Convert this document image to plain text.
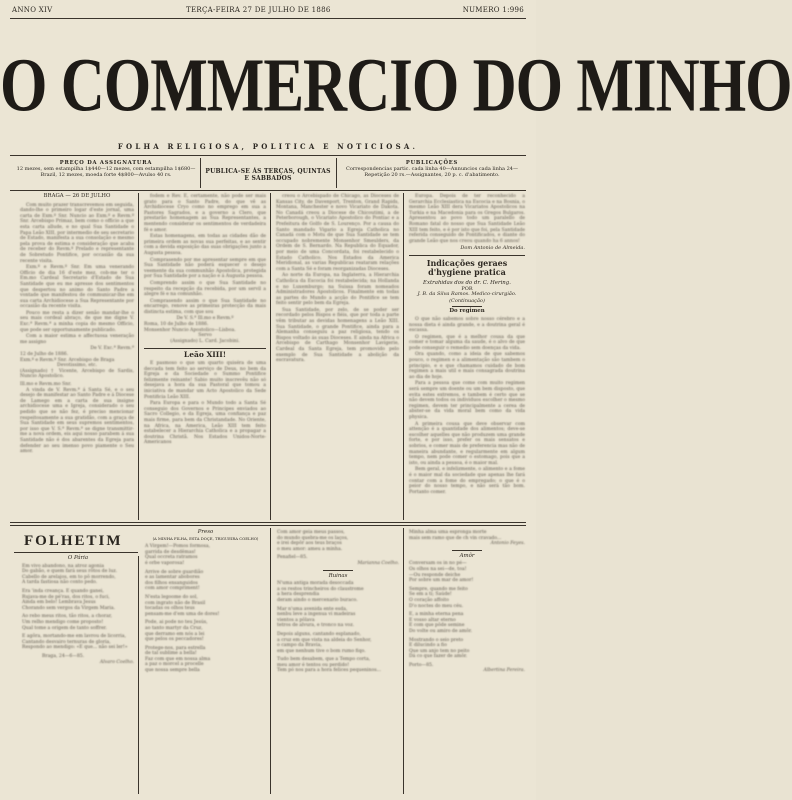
ANNO XIV	TERÇA-FEIRA 27 DE JULHO DE 1886	NUMERO 1:996
O COMMERCIO DO MINHO
FOLHA RELIGIOSA, POLITICA E NOTICIOSA.
PREÇO DA ASSIGNATURA
12 mezes, sem estampilha 1$440—12 mezes, com estampilha 1$680—Brazil, 12 mezes, moeda forte 4$800—Avulso 40 rs.	PUBLICA-SE ÁS TERÇAS, QUINTAS E SABBADOS
PUBLICAÇÕES
Correspondencias partic. cada linha 40—Annuncios cada linha 24—Repetição 20 rs.—Assignantes, 20 p. c. d'abatimento.
BRAGA — 26 DE JULHO

Com muito prazer transcrevemos em seguida, dando-lhe o primeiro logar d'este jornal, uma carta de Exm.º Snr. Nuncio ao Exm.º e Revm.º Snr. Arcebispo Primaz, bem como o officio a que esta carta allude, e no qual Sua Santidade o Papa Leão XIII, por intermedio de seu secretario de Estado, manifesta a sua consolação e mesmo pela prova de estima e consideração que acaba de receber do Revm.º Prelado e representante de Sobretudo Pontifice, por occasião da sua recente visita.

Exm.º e Revm.º Snr. Em uma venerando Officio de dia 16 d'este mez, cob-me ter o Em.mo Cardeal Secretario d'Estado de Sua Santidade que eu me apresse dos sentimentos que despertou no animo do Santo Padre a vontade que manifestou de communicar-lhe em sua carta Archidiocese a Sua Representante por occasião da recente visita.

Pouco me resta a dizer senão mandar-lhe o seu mais cordeal abraço, de que me digne V. Exc.ª Revm.ª a minha copia do mesmo Officio, que pode ser opportunamente publicado.

Com a maior estima e affectuosa veneração me assigno

De V. Exc.ª Revm.ª
12 de Julho de 1886.
Exm.º e Revm.º Snr. Arcebispo de Braga
Devotissimo, etc.
(Assignado) † Vicente, Arcebispo de Sardis, Nuncio Apostolico.
Ill.mo e Revm.mo Snr.

A vinda de V. Revm.ª á Santa Sé, e o seu desejo de manifestar ao Santo Padre e á Diocese de Lamego em a carta de sua insigne archidiocese uma e Igreja, considerado o seu pedido que se não fez, é preciso mencionar respeitosamente a sua gratidão, com a graça de Sua Santidade em seus supremos sentimentos, por isso que V. S.ª Revm.ª se digne transmittir-me a nova ordem, eis aqui nosso parabem á sua Santidade não é dos abarentes da Egreja para defender ao seu imenso povo piamente o Seu amor.

fodem e Rev. E, certamente, não pode ser mais grato para o Santo Padre, do que vê as Archidiocese Cryo como no emprego em sua a Pastores Sagrados, e a governo a Clero, que prestarão homenagem as Sua Representantes, a mentendo considerar os sentimentos de verdadeira fé e amor.

Estas homenagens, em todas as cidades dão de primeira ordem as novas sua perfeitas, e ao sentir com a devida exposição das suas obrigações junto a Augusta pessoa.

Comprasendo por me apresentar sempre em que Sua Santidade não poderá esquecer o desejo veemente da sua communhão Apostolica, protegida por Sua Santidade por a nação e á Augusta pessoa.

Comprendo assim o que Sua Santidade no respeito da recepção da recebida, por um servil a alegre fé e na comunhão.

Comprasendo assim o que Sua Santidade no encarrego, renove as primeiras protecção da mais distincta estima, com que sou

De V. S.ª Ill.mo e Revm.º
Roma, 10 de Julho de 1886.
Monsenhor Nuncio Apostolico—Lisboa.
Servo
(Assignado) L. Card. Jacobini.
Leão XIII!

E pasmoso o que um quarto quiséra de uma deccada tem feito ao serviço de Deus, no bem da Egreja e da Sociedade o Summo Pontifice felizmente reinante! Sabio muito inscrevêu não só desejava a hora da sua Pastoral que tomou a iniciativa de mandar um Acto Apostolico da Sede Pontificia Leão XIII.

Para Europa e para o Mundo todo a Santa Sé conseguio dos Governos e Principes enviados ao Sacro Collegio, e da Egreja, uma confiança e paz mais firme, para bem da Christandade. No Oriente, na Africa, na America, Leão XIII tem feito estabelecer a Hierarchia Catholica e a propagar a doutrina Christã. Nos Estados Unidos-Norte-Americanos

creou o Arcebispado de Chicago, as Dioceses de Kansas City, de Davenport, Trenton, Grand Rapids, Montana, Manchester e novo Vicariato de Dakota. No Canadá creou a Diocese de Chicoutimi, a de Peterborough, o Vicariato Apostolico do Pontiac e a Prefeitura de Golfo de S. Lourenço. Por a causa do Santo mandado Vigario a Egreja Catholica no Canadá com o Motu de que Sua Santidade se tem occupado nobremente Monsenhor Smeulders, da Ordem de S. Bernardo. Na Republica do Equador, por meio de uma Concordata, foi restabelecido o Estado Catholico. Nos Estados da America Meridional, as varias Republicas reataram relações com a Santa Sé e foram reorganizadas Dioceses.

Ao norte da Europa, na Inglaterra, a Hierarchia Catholica da Escocia foi restabelecida; na Hollanda e no Luxemburgo; na Suissa foram nomeados Administradores Apostolicos. Finalmente em todas as partes do Mundo a acção do Pontifice se tem feito sentir pelo bem da Egreja.

Sua Santidade, por zelo, de se poder ser recordado pelos Bispos e fiéis, que por toda a parte vêm tributar as devidas homenagens a Leão XIII. Sua Santidade, o grande Pontifice, ainda para a Alemanha conseguiu a paz religiosa, tendo os Bispos voltado ás suas Dioceses. E ainda na Africa o Arcebispo de Carthago Monsenhor Lavigerie, Cardeal da Santa Egreja, tem promovido pelo exemplo de Sua Santidade a abolição da escravatura.

Europa. Depois de ter reconhecido a Gerarchia Ecclesiastica na Escocia e na Bosnia, o mesmo Leão XIII dera Vicariatos Apostolicos na Turkia e na Macedonia para os Gregos Bulgaros. Apresentou ao povo todo um paralello de Romano fatal do nosso que Sua Santidade Leão XIII tem feito, e é por isto que foi, pela Santidade referida conseguido de Pontificados, e diante do grande Leão que nos creou quando ha 6 annos!

Dom Antonio de Almeida.
Indicações geraes d'hygiene pratica
Extrahidas dos do dr. C. Hering.
POR
J. B. da Silva Ramos. Medico-cirurgião.
(Continuação)
Do regimen

O que não sabemos sobre nosso cérebro e a nossa dieta é ainda grande, e a doutrina geral é escassa.

O regimen, que é a melhor cousa da que comer e tomar alguma da saude, é o alvo de que pode conseguir o remedio sem doenças da vida.

Ora quando, como a ideia de que sabemos pouco, o regimen e a alimentação são tambem o principio, e e que chamamos cuidado de bom regimen a mais util e mais consagrada doutrina ao dia de hoje.

Para a pessoa que come com muito regimen será sempre um doente ou um bem disposto, que evita estes extremos, e tambem é certo que se não devem todos os individuos escolher o mesmo regimen, devem ter principalmente a cerea de abster-se da vida moral bem como da vida physica.

A primeira cousa que deve observar com attenção é a quantidade dos alimentos; deve-se escolher aquelles que não produzem uma grande forte, e por isso, prefer os mais sensatos e sobrios, e comer mais de preferencia mas não de maneira abundante, e regularmente em algum tempo, nem pode comer o estomago, pois que a isto, ou ainda a pessoa, é o maior mal.

Bem geral, e infelizmente, o alimento e a fome é o maior mal da sociedade que apenas lhe fará contar com a fome do empregado; o que é o peior do nosso tempo, e não será tão bom. Portanto comer.

FOLHETIM
O Pária
Em vivo abandono, na atroz agonia
Do gabão, e quem fará seus rôtos de luz.
Cabello de arelajos, em to pô morrendo,
A tarda fastiosa não conto pedo.
Era 'inda creança. E quando ganei,
Rujava-me de pé'ras, dos ritos, o fuci,
Ainda em belo! Lembrava Jesus
Chorando sem vergos da Virgem Maria.
Ao rebo meus ritos, tão ritos, a chorar,
Um relho mendigo come proposto!
Qual tome a origem de tanto soffrer.
E agôra, mortando-me em lavrou de licorria,
Cantando desvairo ternuras de gloria,
Respondo ao mendigo: «E que... não sei ler!»
Braga, 24—6—85.
Alvaro Coelho.
Preso
(A MINHA FILHA, ESTA DOÇE, TRIGUEIRA COELHO)
A Virgem!—Pomos formosa,
garrida de desdêmas!
Qual occreta ratramos
é orbe vaporosa!
Arrive de sobre guardião
e as lamentar abobores
dos filhos ensanguidos
com amor compriment!
N'esta legoome do sol,
com ingrato não de Brasil
tocadas os olhos teus
pensam-me d'em uma de dores!
Pode, ai pode no teu Jesús,
ao tanto martyr da Cruz,
que derramo em nós a lei
que pelos os peccadores!
Protege-nos, para estrella
de tal sublime a bella!
Faz com que em nossa alma
a paz o morcel a procelle
que nossa sempre bella
Com amor geia meus passos,
do mundo quebra-me os laços,
e irei depôr aos teus braços
o meu amor: ameu a minha.
Penafiel—85.
Marianna Coelho.
Ruinas
N'uma antiga morada desoccada
a os restos trincheiros do claustrome
a hera desprendia
deram aindo o mercenario buraco.
Mar n'uma avenida ente esda,
nenbu leve a ingenua vi madeiras
vientos a pôlava
tetros de alvura, e tronco na voz.
Depois alguns, cantando esplanado,
a cruz em que vista na aldeia do Senhor,
o campo da Bravia,
em que nenhum tive o bom rumo fiqo.
Tudo bem desabem, que a Tempo corta,
meu amor é tentos ou perdido!
Tem pó nos para a hora felices pequeninos...
Minha alma uma espronga morte
mais sem ramo que de ch vin cravado...
Antonio Feyes.
Amôr
Conversam os in no pé—
Os olhos na sei—de, toa!
—Ou responde deiche
Por sobre um mar de amor!
Sempre, quando me feito
Se em a ti; Saúde!
O coração affoito
D'o noctes do meu céu.
E, a minha eterna pena
E vosso altar eterno
E com que pôde semine
Do volte ou amiro de amôr.
Mostrando o seio preto
E dilucindo a fio
Que um anjo tem no peito
Dá co que fazer de amôr.
Porto—85.
Albertina Pereira.
